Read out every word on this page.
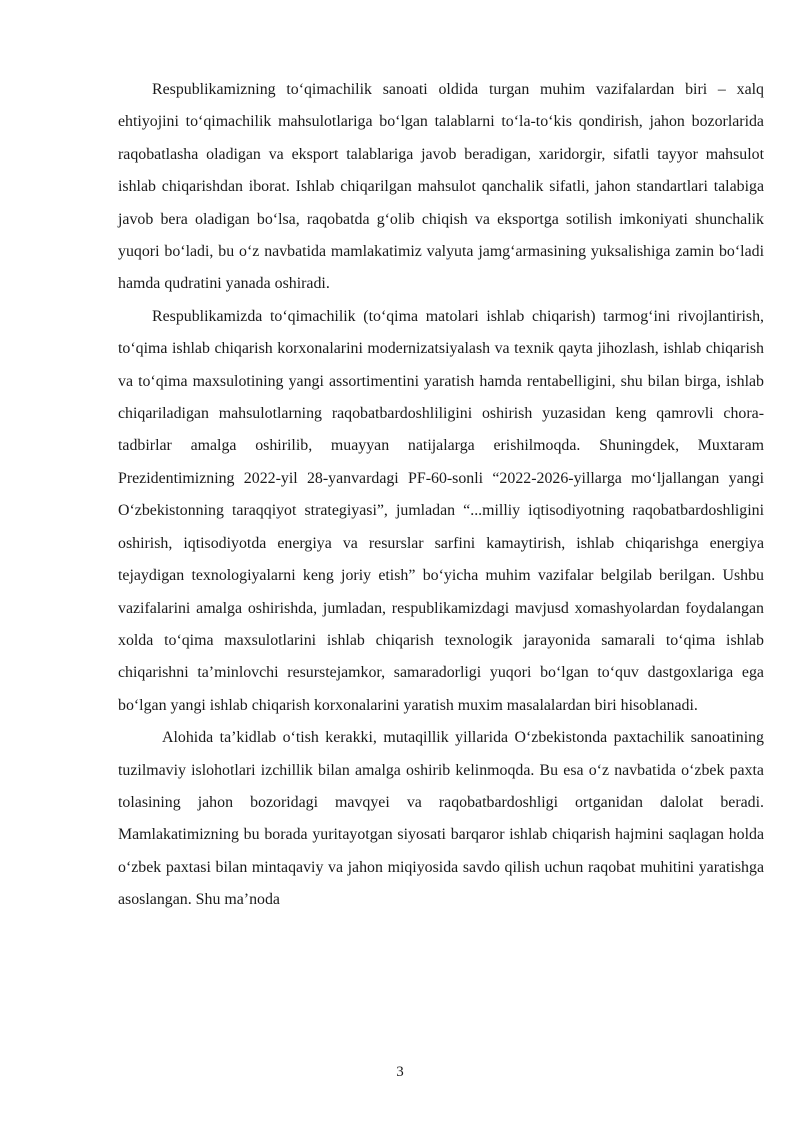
Respublikamizning to‘qimachilik sanoati oldida turgan muhim vazifalardan biri – xalq ehtiyojini to‘qimachilik mahsulotlariga bo‘lgan talablarni to‘la-to‘kis qondirish, jahon bozorlarida raqobatlasha oladigan va eksport talablariga javob beradigan, xaridorgir, sifatli tayyor mahsulot ishlab chiqarishdan iborat. Ishlab chiqarilgan mahsulot qanchalik sifatli, jahon standartlari talabiga javob bera oladigan bo‘lsa, raqobatda g‘olib chiqish va eksportga sotilish imkoniyati shunchalik yuqori bo‘ladi, bu o‘z navbatida mamlakatimiz valyuta jamg‘armasining yuksalishiga zamin bo‘ladi hamda qudratini yanada oshiradi.

Respublikamizda to‘qimachilik (to‘qima matolari ishlab chiqarish) tarmog‘ini rivojlantirish, to‘qima ishlab chiqarish korxonalarini modernizatsiyalash va texnik qayta jihozlash, ishlab chiqarish va to‘qima maxsulotining yangi assortimentini yaratish hamda rentabelligini, shu bilan birga, ishlab chiqariladigan mahsulotlarning raqobatbardoshliligini oshirish yuzasidan keng qamrovli chora-tadbirlar amalga oshirilib, muayyan natijalarga erishilmoqda. Shuningdek, Muxtaram Prezidentimizning 2022-yil 28-yanvardagi PF-60-sonli “2022-2026-yillarga mo‘ljallangan yangi O‘zbekistonning taraqqiyot strategiyasi”, jumladan “...milliy iqtisodiyotning raqobatbardoshligini oshirish, iqtisodiyotda energiya va resurslar sarfini kamaytirish, ishlab chiqarishga energiya tejaydigan texnologiyalarni keng joriy etish” bo‘yicha muhim vazifalar belgilab berilgan. Ushbu vazifalarini amalga oshirishda, jumladan, respublikamizdagi mavjusd xomashyolardan foydalangan xolda to‘qima maxsulotlarini ishlab chiqarish texnologik jarayonida samarali to‘qima ishlab chiqarishni ta’minlovchi resurstejamkor, samaradorligi yuqori bo‘lgan to‘quv dastgoxlariga ega bo‘lgan yangi ishlab chiqarish korxonalarini yaratish muxim masalalardan biri hisoblanadi.

Alohida ta’kidlab o‘tish kerakki, mutaqillik yillarida O‘zbekistonda paxtachilik sanoatining tuzilmaviy islohotlari izchillik bilan amalga oshirib kelinmoqda. Bu esa o‘z navbatida o‘zbek paxta tolasining jahon bozoridagi mavqyei va raqobatbardoshligi ortganidan dalolat beradi. Mamlakatimizning bu borada yuritayotgan siyosati barqaror ishlab chiqarish hajmini saqlagan holda o‘zbek paxtasi bilan mintaqaviy va jahon miqiyosida savdo qilish uchun raqobat muhitini yaratishga asoslangan. Shu ma’noda

3
